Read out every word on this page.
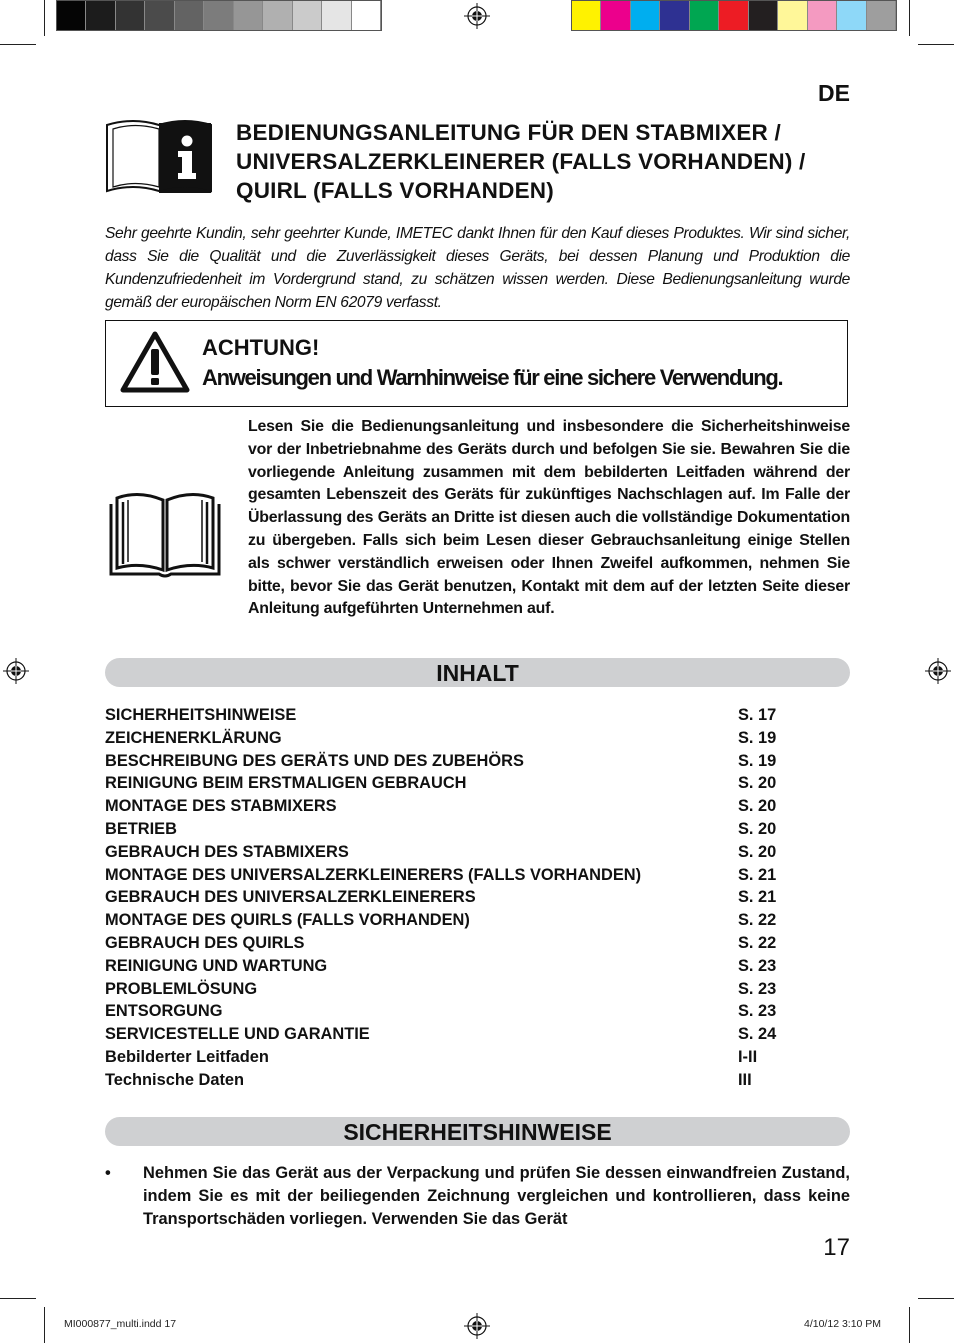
DE
BEDIENUNGSANLEITUNG FÜR DEN STABMIXER / UNIVERSALZERKLEINERER (FALLS VORHANDEN) / QUIRL (FALLS VORHANDEN)
Sehr geehrte Kundin, sehr geehrter Kunde, IMETEC dankt Ihnen für den Kauf dieses Produktes. Wir sind sicher, dass Sie die Qualität und die Zuverlässigkeit dieses Geräts, bei dessen Planung und Produktion die Kundenzufriedenheit im Vordergrund stand, zu schätzen wissen werden. Diese Bedienungsanleitung wurde gemäß der europäischen Norm EN 62079 verfasst.
ACHTUNG!
Anweisungen und Warnhinweise für eine sichere Verwendung.
Lesen Sie die Bedienungsanleitung und insbesondere die Sicherheitshinweise vor der Inbetriebnahme des Geräts durch und befolgen Sie sie. Bewahren Sie die vorliegende Anleitung zusammen mit dem bebilderten Leitfaden während der gesamten Lebenszeit des Geräts für zukünftiges Nachschlagen auf. Im Falle der Überlassung des Geräts an Dritte ist diesen auch die vollständige Dokumentation zu übergeben. Falls sich beim Lesen dieser Gebrauchsanleitung einige Stellen als schwer verständlich erweisen oder Ihnen Zweifel aufkommen, nehmen Sie bitte, bevor Sie das Gerät benutzen, Kontakt mit dem auf der letzten Seite dieser Anleitung aufgeführten Unternehmen auf.
INHALT
SICHERHEITSHINWEISE	S. 17
ZEICHENERKLÄRUNG	S. 19
BESCHREIBUNG DES GERÄTS UND DES ZUBEHÖRS	S. 19
REINIGUNG BEIM ERSTMALIGEN GEBRAUCH	S. 20
MONTAGE DES STABMIXERS	S. 20
BETRIEB	S. 20
GEBRAUCH DES STABMIXERS	S. 20
MONTAGE DES UNIVERSALZERKLEINERERS (FALLS VORHANDEN)	S. 21
GEBRAUCH DES UNIVERSALZERKLEINERERS	S. 21
MONTAGE DES QUIRLS (FALLS VORHANDEN)	S. 22
GEBRAUCH DES QUIRLS	S. 22
REINIGUNG UND WARTUNG	S. 23
PROBLEMLÖSUNG	S. 23
ENTSORGUNG	S. 23
SERVICESTELLE UND GARANTIE	S. 24
Bebilderter Leitfaden	I-II
Technische Daten	III
SICHERHEITSHINWEISE
• Nehmen Sie das Gerät aus der Verpackung und prüfen Sie dessen einwandfreien Zustand, indem Sie es mit der beiliegenden Zeichnung vergleichen und kontrollieren, dass keine Transportschäden vorliegen. Verwenden Sie das Gerät
17
MI000877_multi.indd 17	4/10/12 3:10 PM
